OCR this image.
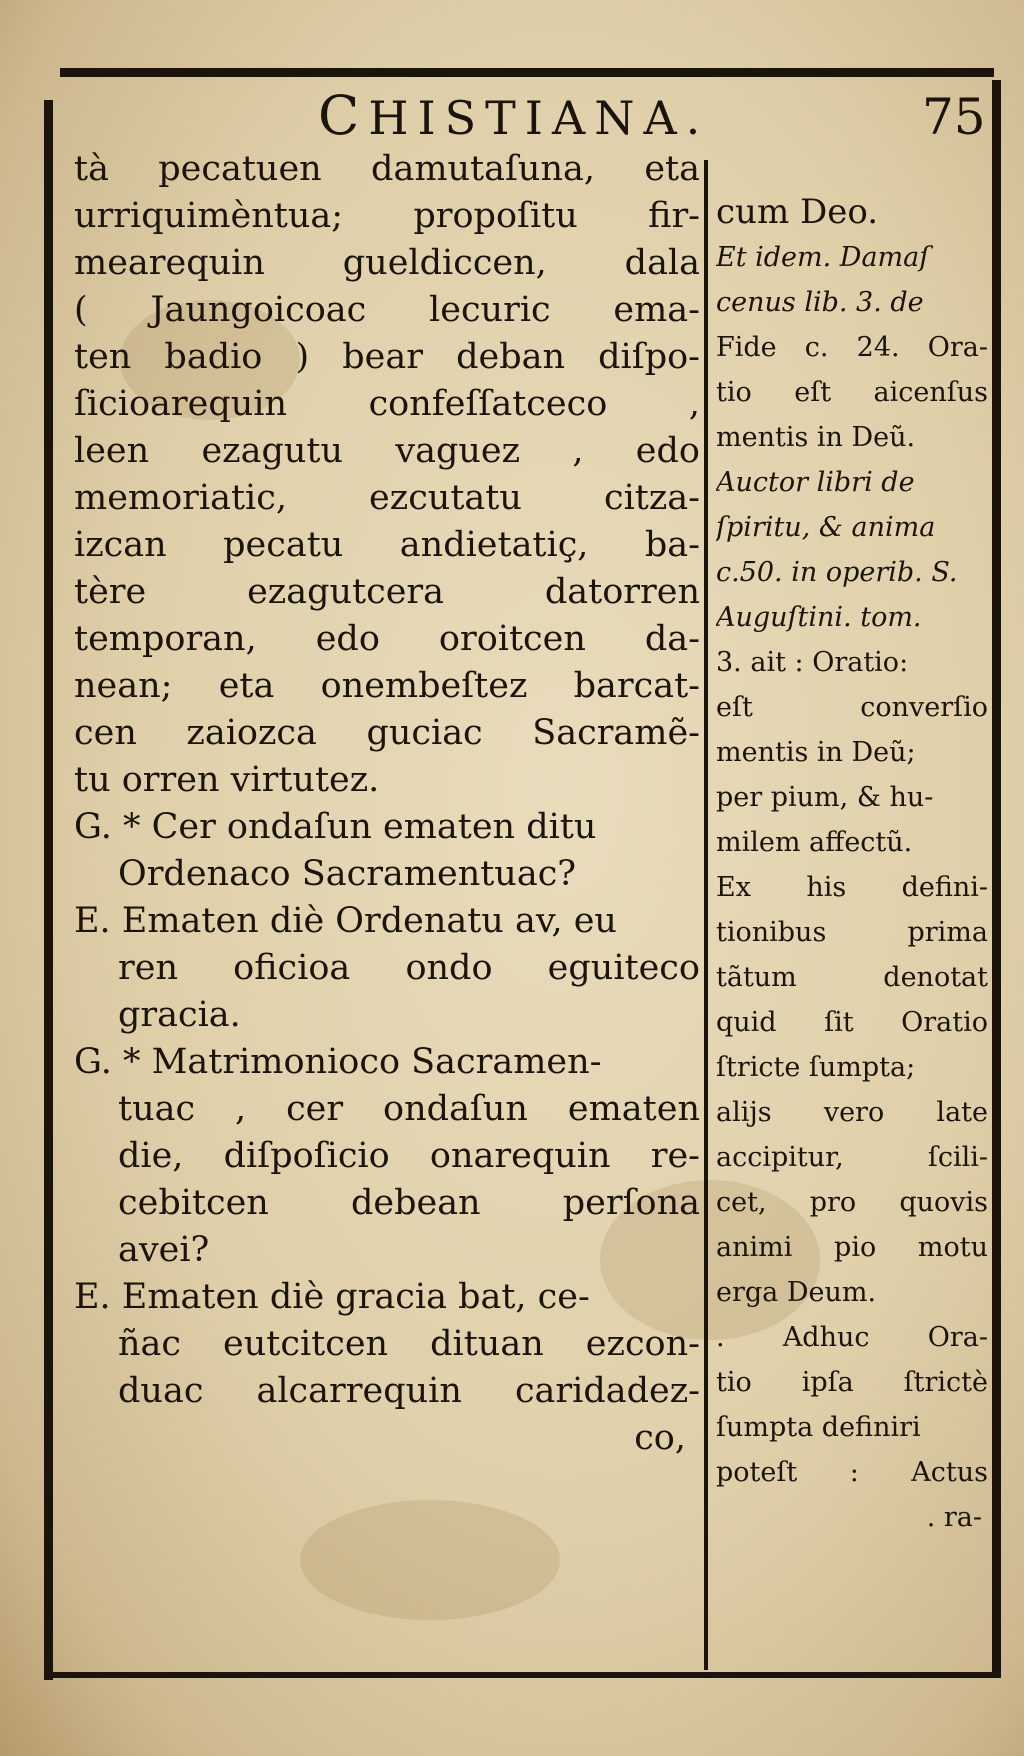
CHISTIANA.	75
tà pecatuen damutaſuna, eta
urriquimèntua; propoſitu fir-
mearequin gueldiccen, dala
( Jaungoicoac lecuric ema-
ten badio ) bear deban diſpo-
ſicioarequin confeſſatceco ,
leen ezagutu vaguez , edo
memoriatic, ezcutatu citza-
izcan pecatu andietatiç, ba-
tère ezagutcera datorren
temporan, edo oroitcen da-
nean; eta onembeſtez barcat-
cen zaiozca guciac Sacramẽ-
tu orren virtutez.
G. * Cer ondaſun ematen ditu
Ordenaco Sacramentuac?
E. Ematen diè Ordenatu av, eu
ren oficioa ondo eguiteco
gracia.
G. * Matrimonioco Sacramen-
tuac , cer ondaſun ematen
die, diſpoſicio onarequin re-
cebitcen debean perſona
avei?
E. Ematen diè gracia bat, ce-
ñac eutcitcen dituan ezcon-
duac alcarrequin caridadez-
co,
cum Deo.
Et idem. Damaſ
cenus lib. 3. de
Fide c. 24. Ora-
tio eſt aicenſus
mentis in Deũ.
Auctor libri de
ſpiritu, & anima
c.50. in operib. S.
Auguſtini. tom.
3. ait : Oratio:
eſt converſio
mentis in Deũ;
per pium, & hu-
milem affectũ.
Ex his defini-
tionibus prima
tãtum denotat
quid ſit Oratio
ſtricte ſumpta;
alijs vero late
accipitur, ſcili-
cet, pro quovis
animi pio motu
erga Deum.
. Adhuc Ora-
tio ipſa ſtrictè
ſumpta definiri
poteſt : Actus
. ra-
